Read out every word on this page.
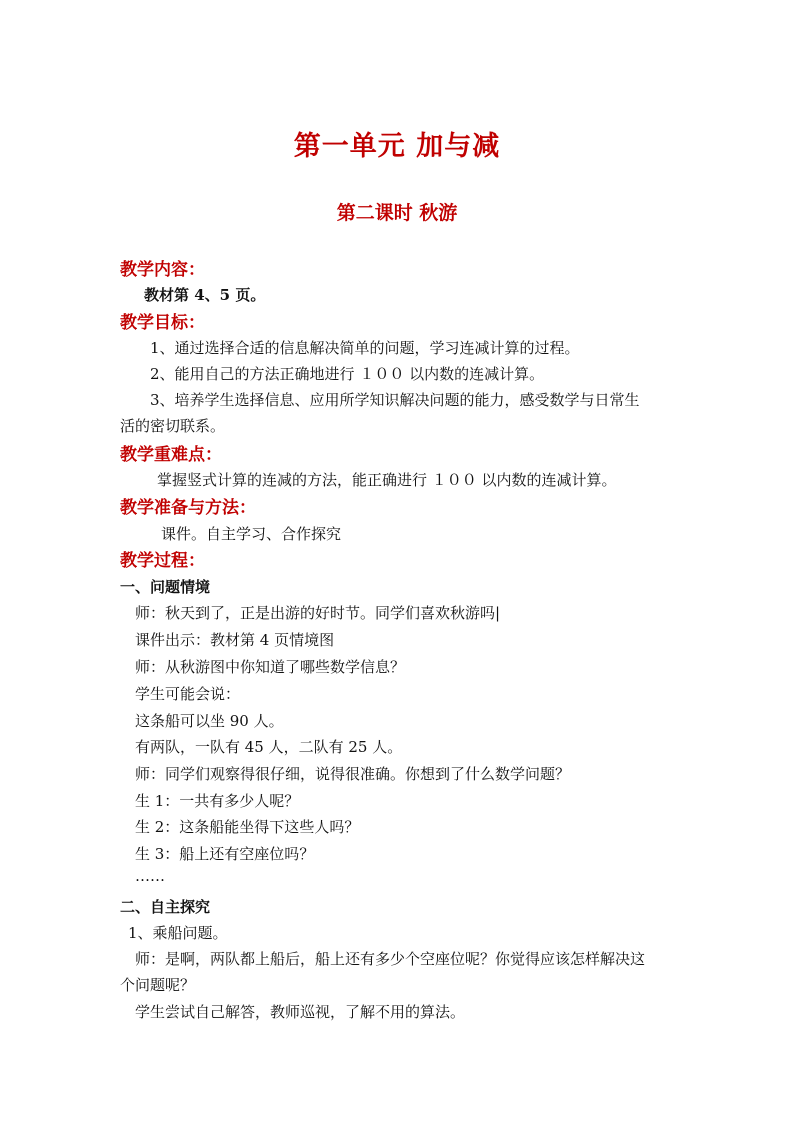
第一单元 加与减
第二课时 秋游
教学内容：
教材第 4、5 页。
教学目标：
1、通过选择合适的信息解决简单的问题，学习连减计算的过程。
2、能用自己的方法正确地进行 １００ 以内数的连减计算。
3、培养学生选择信息、应用所学知识解决问题的能力，感受数学与日常生
活的密切联系。
教学重难点：
掌握竖式计算的连减的方法，能正确进行 １００ 以内数的连减计算。
教学准备与方法：
课件。自主学习、合作探究
教学过程：
一、问题情境
师：秋天到了，正是出游的好时节。同学们喜欢秋游吗|
课件出示：教材第 4 页情境图
师：从秋游图中你知道了哪些数学信息？
学生可能会说：
这条船可以坐 90 人。
有两队，一队有 45 人，二队有 25 人。
师：同学们观察得很仔细，说得很准确。你想到了什么数学问题？
生 1：一共有多少人呢？
生 2：这条船能坐得下这些人吗？
生 3：船上还有空座位吗？
……
二、自主探究
1、乘船问题。
师：是啊，两队都上船后，船上还有多少个空座位呢？你觉得应该怎样解决这
个问题呢？
学生尝试自己解答，教师巡视，了解不用的算法。
